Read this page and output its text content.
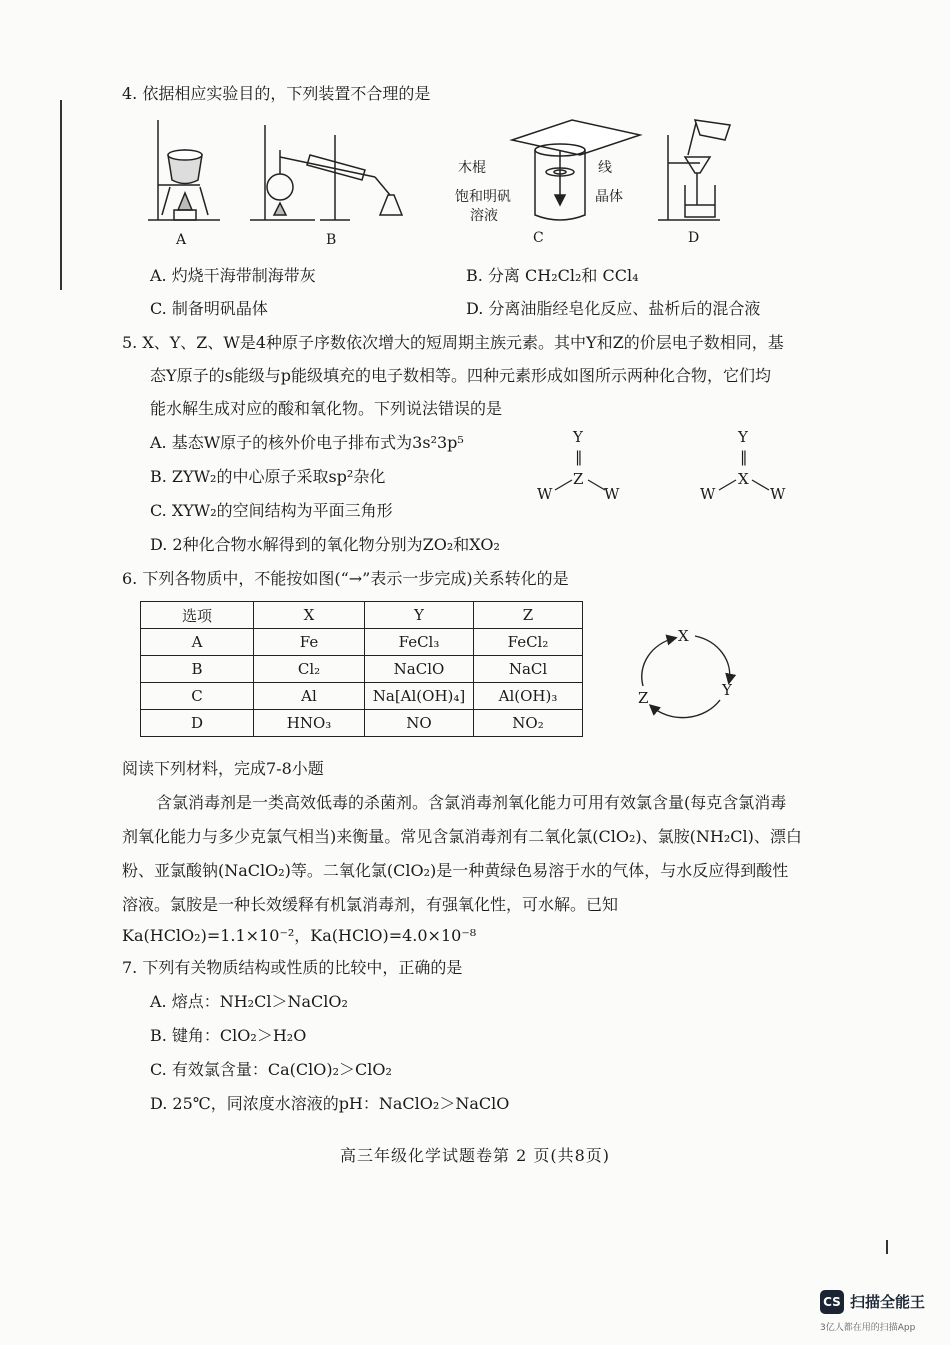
4. 依据相应实验目的，下列装置不合理的是
A	B	C	D
木棍	线
饱和明矾
溶液
晶体
A. 灼烧干海带制海带灰	B. 分离 CH₂Cl₂和 CCl₄
C. 制备明矾晶体	D. 分离油脂经皂化反应、盐析后的混合液
5. X、Y、Z、W是4种原子序数依次增大的短周期主族元素。其中Y和Z的价层电子数相同，基
态Y原子的s能级与p能级填充的电子数相等。四种元素形成如图所示两种化合物，它们均
能水解生成对应的酸和氧化物。下列说法错误的是
A. 基态W原子的核外价电子排布式为3s²3p⁵
B. ZYW₂的中心原子采取sp²杂化
C. XYW₂的空间结构为平面三角形
D. 2种化合物水解得到的氧化物分别为ZO₂和XO₂
Y
‖
Z
W	W
Y
‖
X
W	W
6. 下列各物质中，不能按如图(“→”表示一步完成)关系转化的是
选项	X	Y	Z
A	Fe	FeCl₃	FeCl₂
B	Cl₂	NaClO	NaCl
C	Al	Na[Al(OH)₄]	Al(OH)₃
D	HNO₃	NO	NO₂
X
Y
Z
阅读下列材料，完成7-8小题
含氯消毒剂是一类高效低毒的杀菌剂。含氯消毒剂氧化能力可用有效氯含量(每克含氯消毒剂氧化能力与多少克氯气相当)来衡量。常见含氯消毒剂有二氧化氯(ClO₂)、氯胺(NH₂Cl)、漂白粉、亚氯酸钠(NaClO₂)等。二氧化氯(ClO₂)是一种黄绿色易溶于水的气体，与水反应得到酸性溶液。氯胺是一种长效缓释有机氯消毒剂，有强氧化性，可水解。已知
Ka(HClO₂)=1.1×10⁻²，Ka(HClO)=4.0×10⁻⁸
7. 下列有关物质结构或性质的比较中，正确的是
A. 熔点：NH₂Cl＞NaClO₂
B. 键角：ClO₂＞H₂O
C. 有效氯含量：Ca(ClO)₂＞ClO₂
D. 25℃，同浓度水溶液的pH：NaClO₂＞NaClO
高三年级化学试题卷第 2 页(共8页)
CS 扫描全能王
3亿人都在用的扫描App
